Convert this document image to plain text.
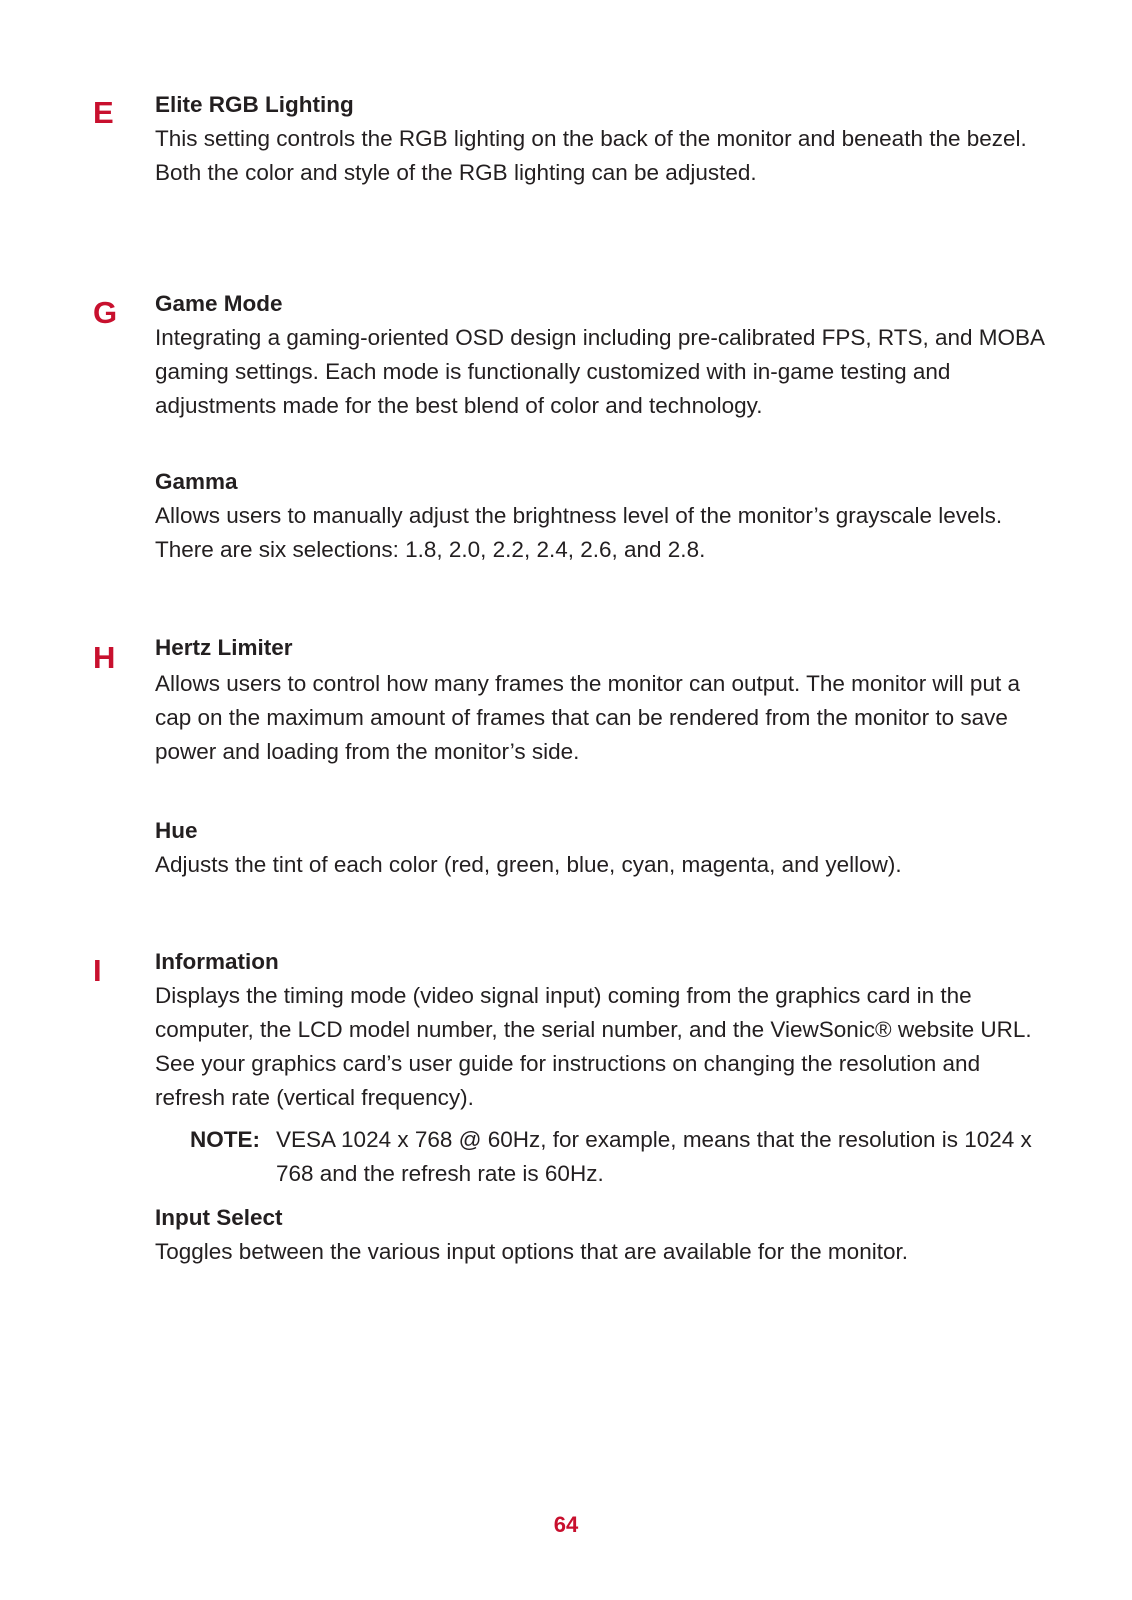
E	Elite RGB Lighting

This setting controls the RGB lighting on the back of the monitor and beneath the bezel. Both the color and style of the RGB lighting can be adjusted.

G	Game Mode

Integrating a gaming-oriented OSD design including pre-calibrated FPS, RTS, and MOBA gaming settings. Each mode is functionally customized with in-game testing and adjustments made for the best blend of color and technology.

Gamma

Allows users to manually adjust the brightness level of the monitor’s grayscale levels. There are six selections: 1.8, 2.0, 2.2, 2.4, 2.6, and 2.8.

H	Hertz Limiter

Allows users to control how many frames the monitor can output. The monitor will put a cap on the maximum amount of frames that can be rendered from the monitor to save power and loading from the monitor’s side.

Hue

Adjusts the tint of each color (red, green, blue, cyan, magenta, and yellow).

I	Information

Displays the timing mode (video signal input) coming from the graphics card in the computer, the LCD model number, the serial number, and the ViewSonic® website URL. See your graphics card’s user guide for instructions on changing the resolution and refresh rate (vertical frequency).

NOTE: VESA 1024 x 768 @ 60Hz, for example, means that the resolution is 1024 x 768 and the refresh rate is 60Hz.

Input Select

Toggles between the various input options that are available for the monitor.

64
